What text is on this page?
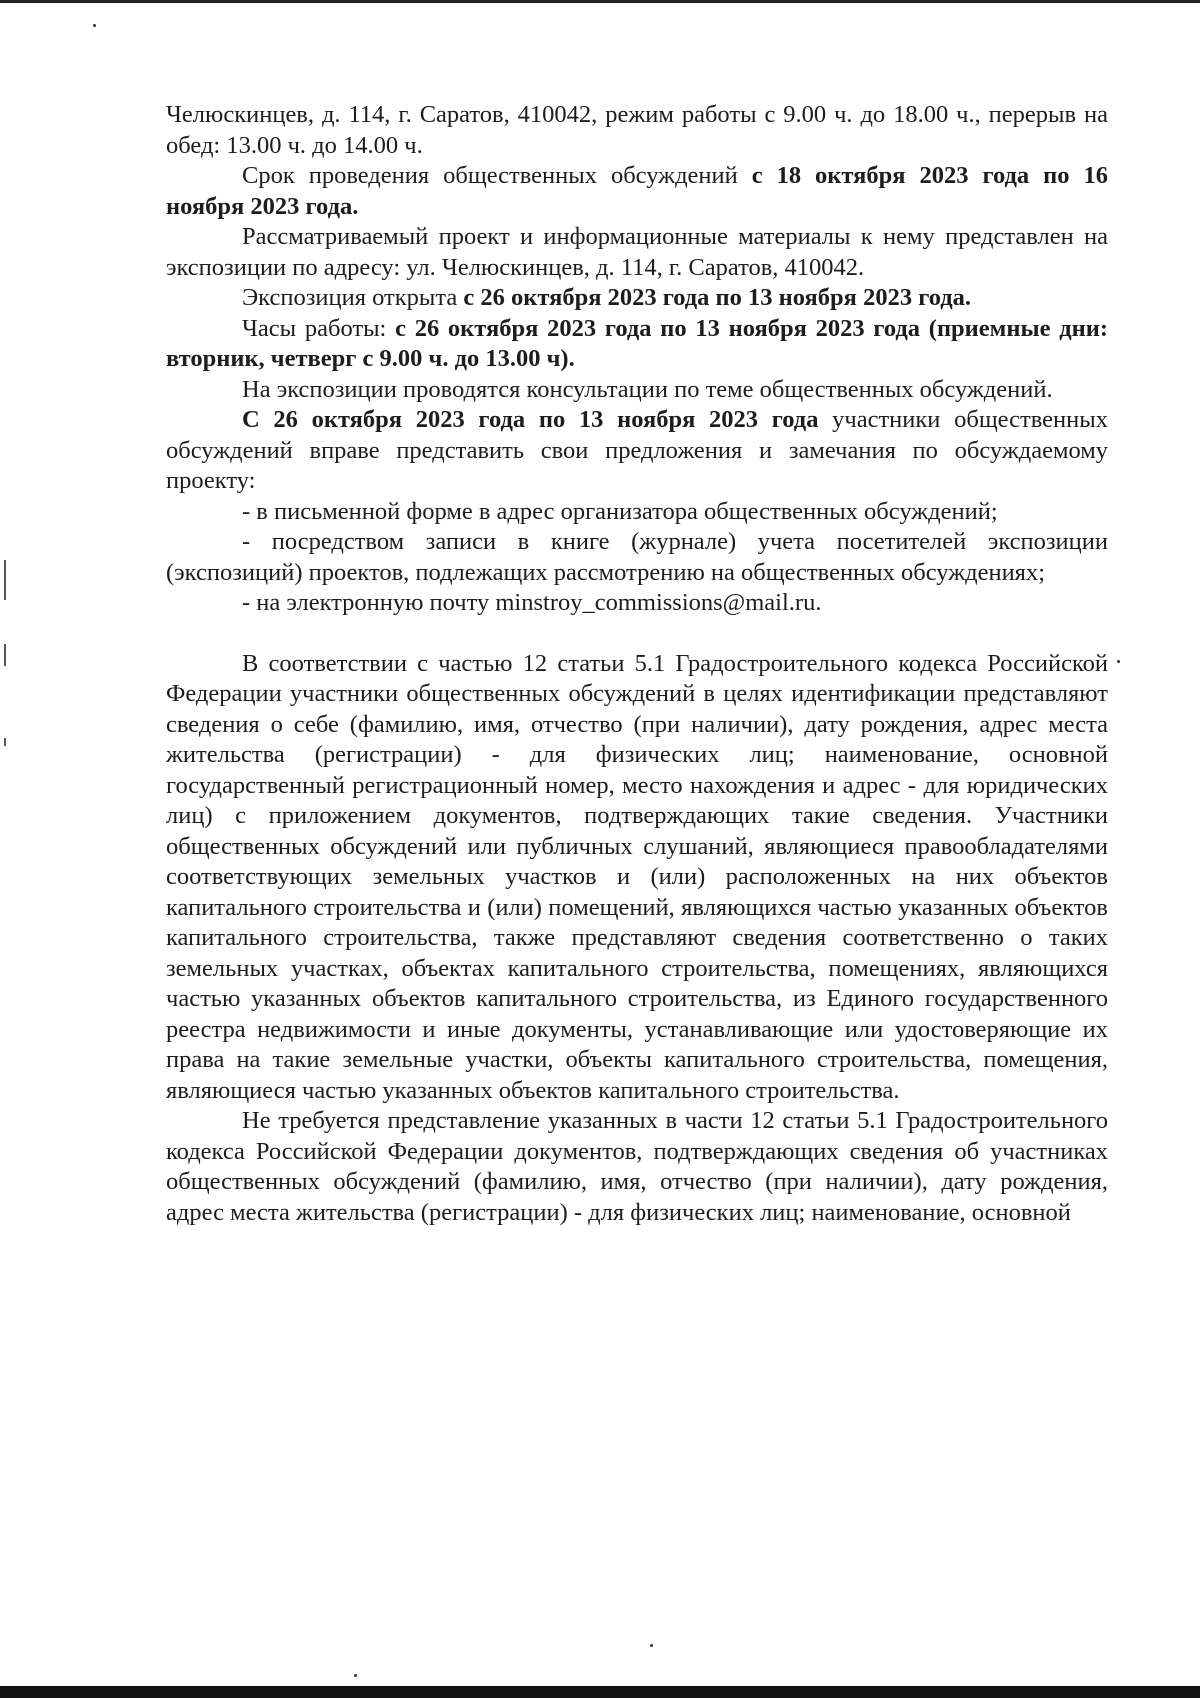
Челюскинцев, д. 114, г. Саратов, 410042, режим работы с 9.00 ч. до 18.00 ч., перерыв на обед: 13.00 ч. до 14.00 ч.

Срок проведения общественных обсуждений с 18 октября 2023 года по 16 ноября 2023 года.

Рассматриваемый проект и информационные материалы к нему представлен на экспозиции по адресу: ул. Челюскинцев, д. 114, г. Саратов, 410042.

Экспозиция открыта с 26 октября 2023 года по 13 ноября 2023 года.

Часы работы: с 26 октября 2023 года по 13 ноября 2023 года (приемные дни: вторник, четверг с 9.00 ч. до 13.00 ч).

На экспозиции проводятся консультации по теме общественных обсуждений.

С 26 октября 2023 года по 13 ноября 2023 года участники общественных обсуждений вправе представить свои предложения и замечания по обсуждаемому проекту:

- в письменной форме в адрес организатора общественных обсуждений;

- посредством записи в книге (журнале) учета посетителей экспозиции (экспозиций) проектов, подлежащих рассмотрению на общественных обсуждениях;

- на электронную почту minstroy_commissions@mail.ru.

В соответствии с частью 12 статьи 5.1 Градостроительного кодекса Российской Федерации участники общественных обсуждений в целях идентификации представляют сведения о себе (фамилию, имя, отчество (при наличии), дату рождения, адрес места жительства (регистрации) - для физических лиц; наименование, основной государственный регистрационный номер, место нахождения и адрес - для юридических лиц) с приложением документов, подтверждающих такие сведения. Участники общественных обсуждений или публичных слушаний, являющиеся правообладателями соответствующих земельных участков и (или) расположенных на них объектов капитального строительства и (или) помещений, являющихся частью указанных объектов капитального строительства, также представляют сведения соответственно о таких земельных участках, объектах капитального строительства, помещениях, являющихся частью указанных объектов капитального строительства, из Единого государственного реестра недвижимости и иные документы, устанавливающие или удостоверяющие их права на такие земельные участки, объекты капитального строительства, помещения, являющиеся частью указанных объектов капитального строительства.

Не требуется представление указанных в части 12 статьи 5.1 Градостроительного кодекса Российской Федерации документов, подтверждающих сведения об участниках общественных обсуждений (фамилию, имя, отчество (при наличии), дату рождения, адрес места жительства (регистрации) - для физических лиц; наименование, основной
